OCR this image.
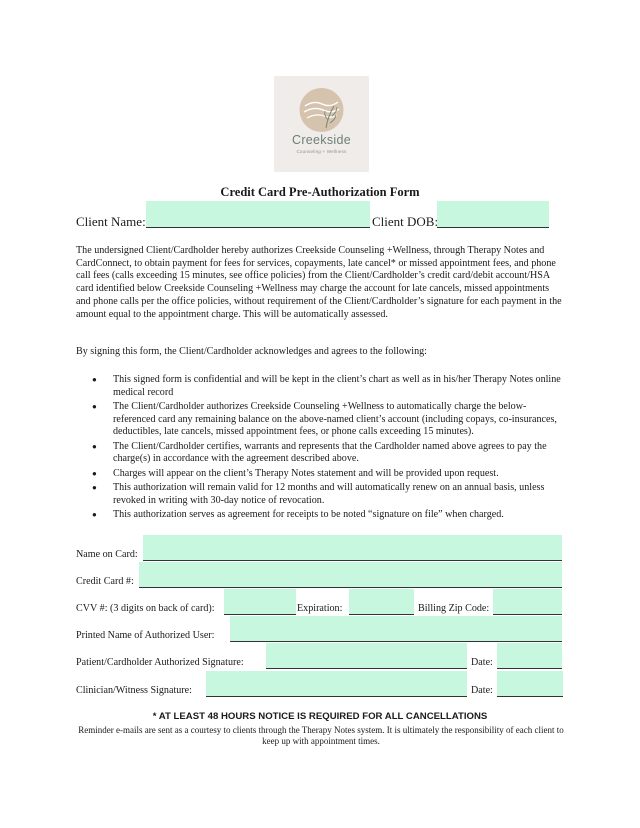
Creekside
Counseling + Wellness
Credit Card Pre-Authorization Form
Client Name:	Client DOB:

The undersigned Client/Cardholder hereby authorizes Creekside Counseling +Wellness, through Therapy Notes and CardConnect, to obtain payment for fees for services, copayments, late cancel* or missed appointment fees, and phone call fees (calls exceeding 15 minutes, see office policies) from the Client/Cardholder’s credit card/debit account/HSA card identified below Creekside Counseling +Wellness may charge the account for late cancels, missed appointments and phone calls per the office policies, without requirement of the Client/Cardholder’s signature for each payment in the amount equal to the appointment charge. This will be automatically assessed.

By signing this form, the Client/Cardholder acknowledges and agrees to the following:

● This signed form is confidential and will be kept in the client’s chart as well as in his/her Therapy Notes online medical record
● The Client/Cardholder authorizes Creekside Counseling +Wellness to automatically charge the below- referenced card any remaining balance on the above-named client’s account (including copays, co-insurances, deductibles, late cancels, missed appointment fees, or phone calls exceeding 15 minutes).
● The Client/Cardholder certifies, warrants and represents that the Cardholder named above agrees to pay the charge(s) in accordance with the agreement described above.
● Charges will appear on the client’s Therapy Notes statement and will be provided upon request.
● This authorization will remain valid for 12 months and will automatically renew on an annual basis, unless revoked in writing with 30-day notice of revocation.
● This authorization serves as agreement for receipts to be noted “signature on file” when charged.
Name on Card:
Credit Card #:
CVV #: (3 digits on back of card):	Expiration:	Billing Zip Code:
Printed Name of Authorized User:
Patient/Cardholder Authorized Signature:	Date:
Clinician/Witness Signature:	Date:
* AT LEAST 48 HOURS NOTICE IS REQUIRED FOR ALL CANCELLATIONS
Reminder e-mails are sent as a courtesy to clients through the Therapy Notes system. It is ultimately the responsibility of each client to keep up with appointment times.
